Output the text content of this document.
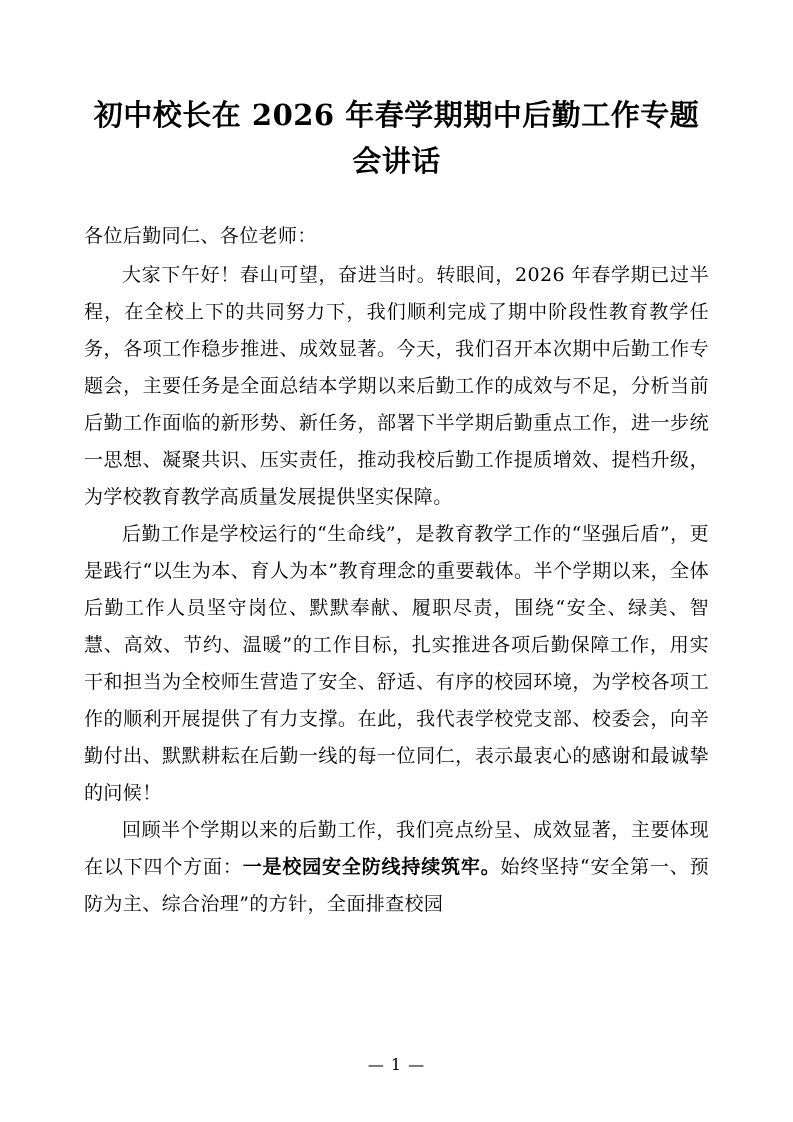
初中校长在 2026 年春学期期中后勤工作专题会讲话

各位后勤同仁、各位老师：

大家下午好！春山可望，奋进当时。转眼间，2026 年春学期已过半程，在全校上下的共同努力下，我们顺利完成了期中阶段性教育教学任务，各项工作稳步推进、成效显著。今天，我们召开本次期中后勤工作专题会，主要任务是全面总结本学期以来后勤工作的成效与不足，分析当前后勤工作面临的新形势、新任务，部署下半学期后勤重点工作，进一步统一思想、凝聚共识、压实责任，推动我校后勤工作提质增效、提档升级，为学校教育教学高质量发展提供坚实保障。

后勤工作是学校运行的“生命线”，是教育教学工作的“坚强后盾”，更是践行“以生为本、育人为本”教育理念的重要载体。半个学期以来，全体后勤工作人员坚守岗位、默默奉献、履职尽责，围绕“安全、绿美、智慧、高效、节约、温暖”的工作目标，扎实推进各项后勤保障工作，用实干和担当为全校师生营造了安全、舒适、有序的校园环境，为学校各项工作的顺利开展提供了有力支撑。在此，我代表学校党支部、校委会，向辛勤付出、默默耕耘在后勤一线的每一位同仁，表示最衷心的感谢和最诚挚的问候！

回顾半个学期以来的后勤工作，我们亮点纷呈、成效显著，主要体现在以下四个方面：一是校园安全防线持续筑牢。始终坚持“安全第一、预防为主、综合治理”的方针，全面排查校园

— 1 —
